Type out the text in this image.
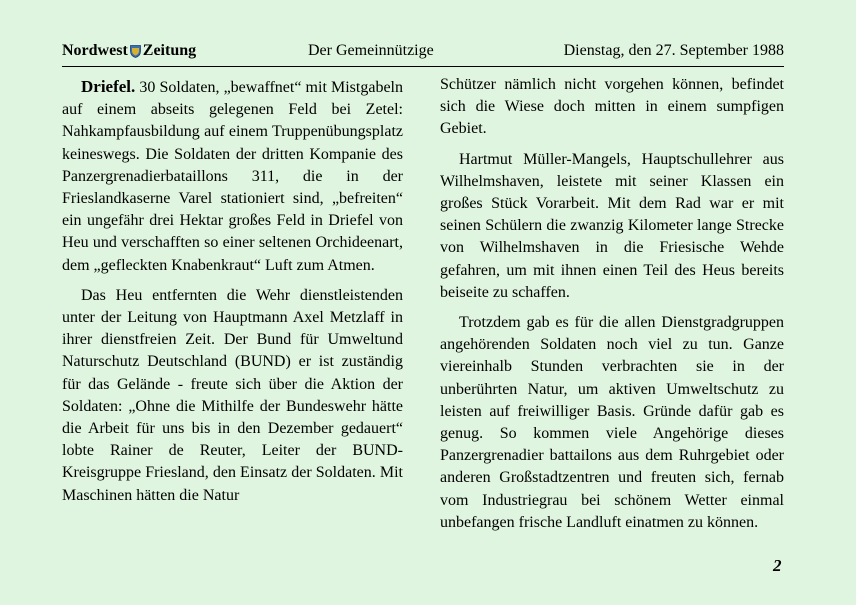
Nordwest Zeitung	Der Gemeinnützige	Dienstag, den 27. September 1988

Driefel. 30 Soldaten, „bewaffnet“ mit Mistgabeln auf einem abseits gelegenen Feld bei Zetel: Nahkampfausbildung auf einem Truppenübungsplatz keineswegs. Die Soldaten der dritten Kompanie des Panzergrenadierbataillons 311, die in der Frieslandkaserne Varel stationiert sind, „befreiten“ ein ungefähr drei Hektar großes Feld in Driefel von Heu und verschafften so einer seltenen Orchideenart, dem „gefleckten Knabenkraut“ Luft zum Atmen.

Das Heu entfernten die Wehr dienstleistenden unter der Leitung von Hauptmann Axel Metzlaff in ihrer dienstfreien Zeit. Der Bund für Umweltund Naturschutz Deutschland (BUND) er ist zuständig für das Gelände - freute sich über die Aktion der Soldaten: „Ohne die Mithilfe der Bundeswehr hätte die Arbeit für uns bis in den Dezember gedauert“ lobte Rainer de Reuter, Leiter der BUND-Kreisgruppe Friesland, den Einsatz der Soldaten. Mit Maschinen hätten die Natur

Schützer nämlich nicht vorgehen können, befindet sich die Wiese doch mitten in einem sumpfigen Gebiet.

Hartmut Müller-Mangels, Hauptschullehrer aus Wilhelmshaven, leistete mit seiner Klassen ein großes Stück Vorarbeit. Mit dem Rad war er mit seinen Schülern die zwanzig Kilometer lange Strecke von Wilhelmshaven in die Friesische Wehde gefahren, um mit ihnen einen Teil des Heus bereits beiseite zu schaffen.

Trotzdem gab es für die allen Dienstgradgruppen angehörenden Soldaten noch viel zu tun. Ganze viereinhalb Stunden verbrachten sie in der unberührten Natur, um aktiven Umweltschutz zu leisten auf freiwilliger Basis. Gründe dafür gab es genug. So kommen viele Angehörige dieses Panzergrenadier battailons aus dem Ruhrgebiet oder anderen Großstadtzentren und freuten sich, fernab vom Industriegrau bei schönem Wetter einmal unbefangen frische Landluft einatmen zu können.

2
